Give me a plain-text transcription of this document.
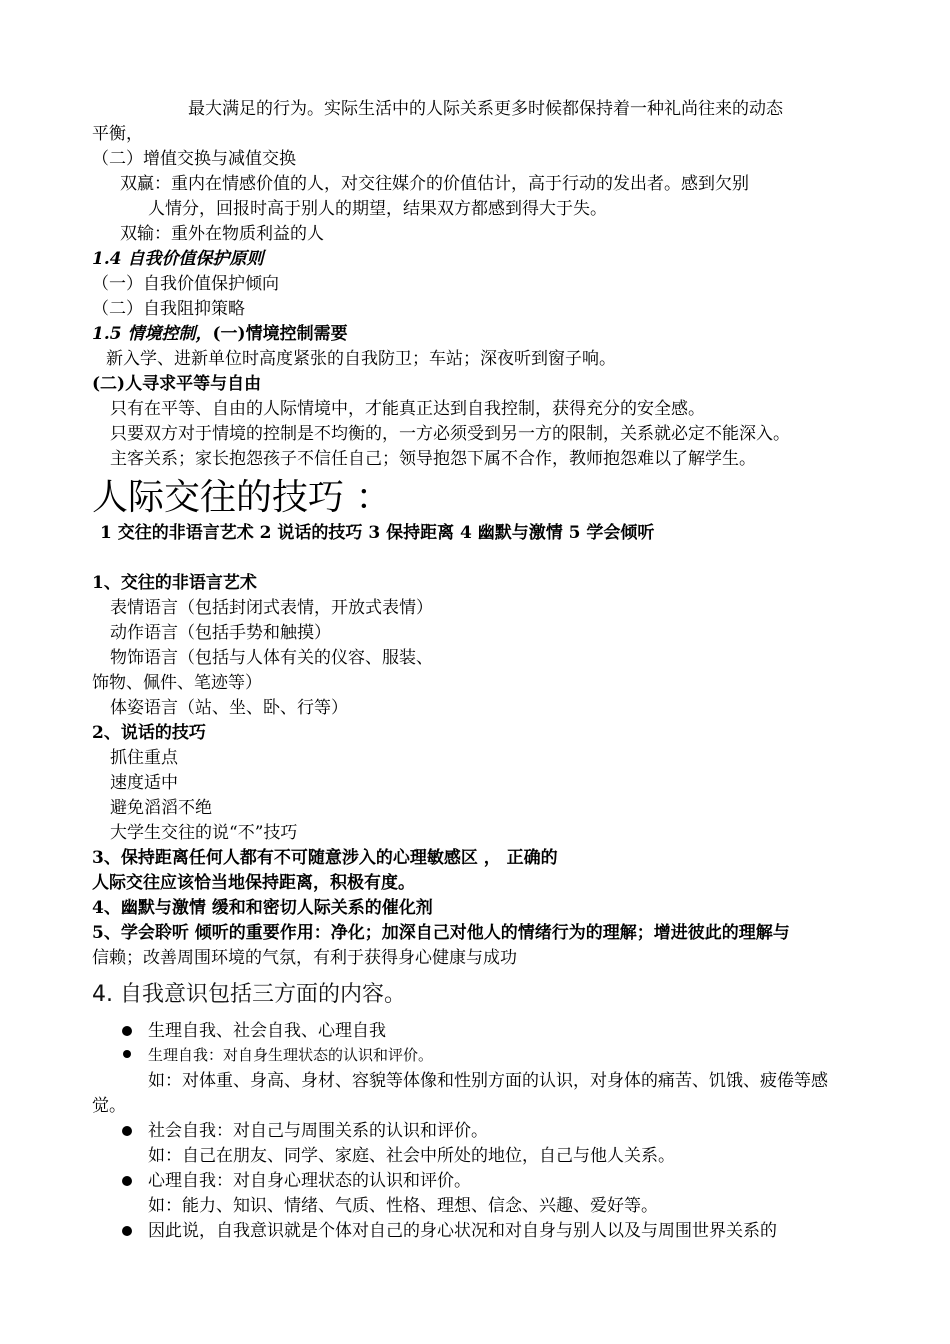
最大满足的行为。实际生活中的人际关系更多时候都保持着一种礼尚往来的动态
平衡，
（二）增值交换与减值交换
双赢：重内在情感价值的人，对交往媒介的价值估计，高于行动的发出者。感到欠别
人情分，回报时高于别人的期望，结果双方都感到得大于失。
双输：重外在物质利益的人
1.4 自我价值保护原则
（一）自我价值保护倾向
（二）自我阻抑策略
1.5 情境控制，(一)情境控制需要
新入学、进新单位时高度紧张的自我防卫；车站；深夜听到窗子响。
(二)人寻求平等与自由
只有在平等、自由的人际情境中，才能真正达到自我控制，获得充分的安全感。
只要双方对于情境的控制是不均衡的，一方必须受到另一方的限制，关系就必定不能深入。
主客关系；家长抱怨孩子不信任自己；领导抱怨下属不合作，教师抱怨难以了解学生。
人际交往的技巧 ：
1 交往的非语言艺术 2 说话的技巧 3 保持距离 4 幽默与激情 5 学会倾听
1、交往的非语言艺术
表情语言（包括封闭式表情，开放式表情）
动作语言（包括手势和触摸）
物饰语言（包括与人体有关的仪容、服装、
饰物、佩件、笔迹等）
体姿语言（站、坐、卧、行等）
2、说话的技巧
抓住重点
速度适中
避免滔滔不绝
大学生交往的说“不”技巧
3、保持距离任何人都有不可随意涉入的心理敏感区 ， 正确的
人际交往应该恰当地保持距离，积极有度。
4、幽默与激情 缓和和密切人际关系的催化剂
5、学会聆听 倾听的重要作用：净化；加深自己对他人的情绪行为的理解；增进彼此的理解与
信赖；改善周围环境的气氛，有利于获得身心健康与成功
4. 自我意识包括三方面的内容。
生理自我、社会自我、心理自我
生理自我：对自身生理状态的认识和评价。
如：对体重、身高、身材、容貌等体像和性别方面的认识，对身体的痛苦、饥饿、疲倦等感
觉。
社会自我：对自己与周围关系的认识和评价。
如：自己在朋友、同学、家庭、社会中所处的地位，自己与他人关系。
心理自我：对自身心理状态的认识和评价。
如：能力、知识、情绪、气质、性格、理想、信念、兴趣、爱好等。
因此说，自我意识就是个体对自己的身心状况和对自身与别人以及与周围世界关系的
